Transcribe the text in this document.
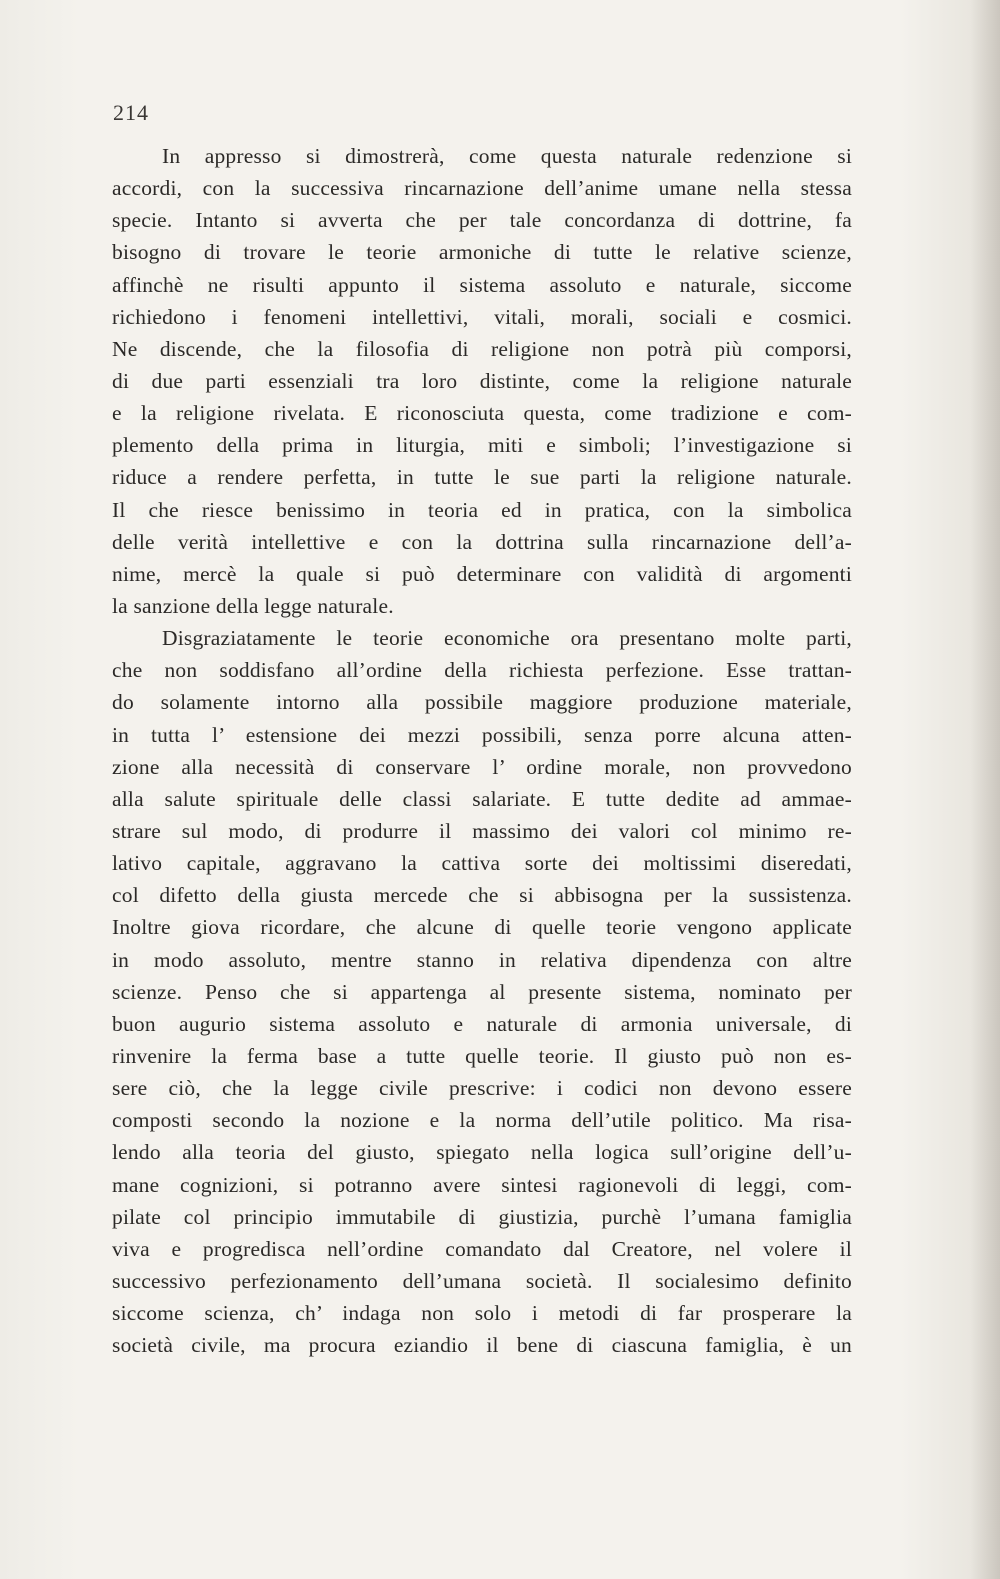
214
In appresso si dimostrerà, come questa naturale redenzione si
accordi, con la successiva rincarnazione dell’anime umane nella stessa
specie. Intanto si avverta che per tale concordanza di dottrine, fa
bisogno di trovare le teorie armoniche di tutte le relative scienze,
affinchè ne risulti appunto il sistema assoluto e naturale, siccome
richiedono i fenomeni intellettivi, vitali, morali, sociali e cosmici.
Ne discende, che la filosofia di religione non potrà più comporsi,
di due parti essenziali tra loro distinte, come la religione naturale
e la religione rivelata. E riconosciuta questa, come tradizione e com-
plemento della prima in liturgia, miti e simboli; l’investigazione si
riduce a rendere perfetta, in tutte le sue parti la religione naturale.
Il che riesce benissimo in teoria ed in pratica, con la simbolica
delle verità intellettive e con la dottrina sulla rincarnazione dell’a-
nime, mercè la quale si può determinare con validità di argomenti
la sanzione della legge naturale.
Disgraziatamente le teorie economiche ora presentano molte parti,
che non soddisfano all’ordine della richiesta perfezione. Esse trattan-
do solamente intorno alla possibile maggiore produzione materiale,
in tutta l’ estensione dei mezzi possibili, senza porre alcuna atten-
zione alla necessità di conservare l’ ordine morale, non provvedono
alla salute spirituale delle classi salariate. E tutte dedite ad ammae-
strare sul modo, di produrre il massimo dei valori col minimo re-
lativo capitale, aggravano la cattiva sorte dei moltissimi diseredati,
col difetto della giusta mercede che si abbisogna per la sussistenza.
Inoltre giova ricordare, che alcune di quelle teorie vengono applicate
in modo assoluto, mentre stanno in relativa dipendenza con altre
scienze. Penso che si appartenga al presente sistema, nominato per
buon augurio sistema assoluto e naturale di armonia universale, di
rinvenire la ferma base a tutte quelle teorie. Il giusto può non es-
sere ciò, che la legge civile prescrive: i codici non devono essere
composti secondo la nozione e la norma dell’utile politico. Ma risa-
lendo alla teoria del giusto, spiegato nella logica sull’origine dell’u-
mane cognizioni, si potranno avere sintesi ragionevoli di leggi, com-
pilate col principio immutabile di giustizia, purchè l’umana famiglia
viva e progredisca nell’ordine comandato dal Creatore, nel volere il
successivo perfezionamento dell’umana società. Il socialesimo definito
siccome scienza, ch’ indaga non solo i metodi di far prosperare la
società civile, ma procura eziandio il bene di ciascuna famiglia, è un
